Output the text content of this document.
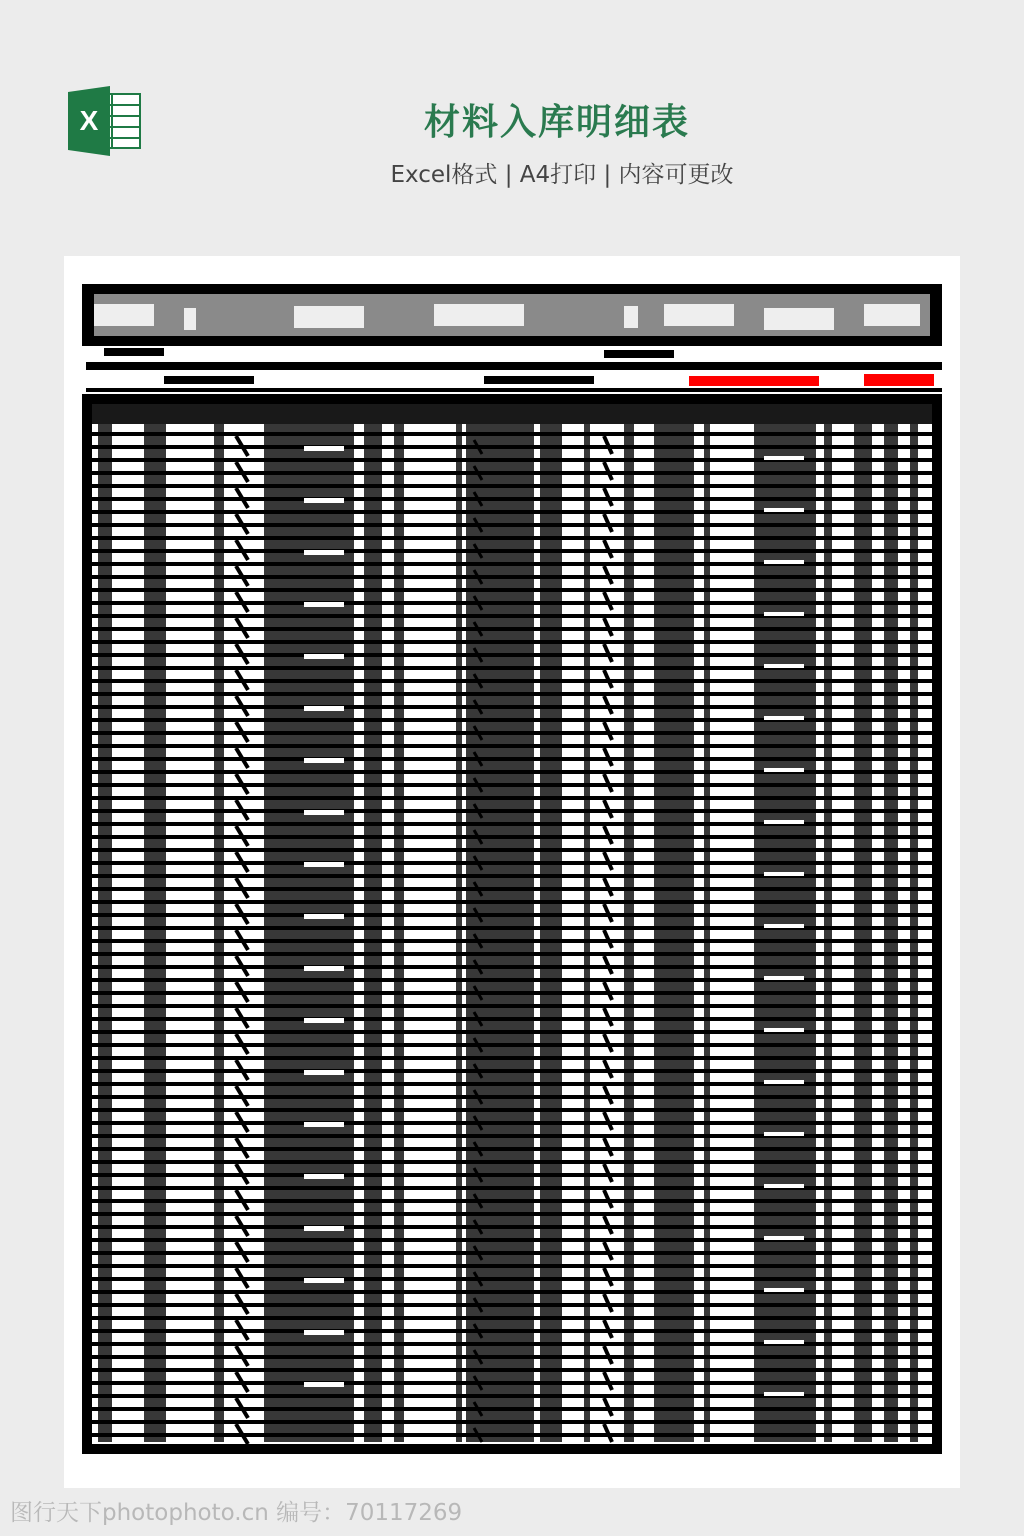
X	材料入库明细表
Excel格式 | A4打印 | 内容可更改
图行天下photophoto.cn 编号：70117269
